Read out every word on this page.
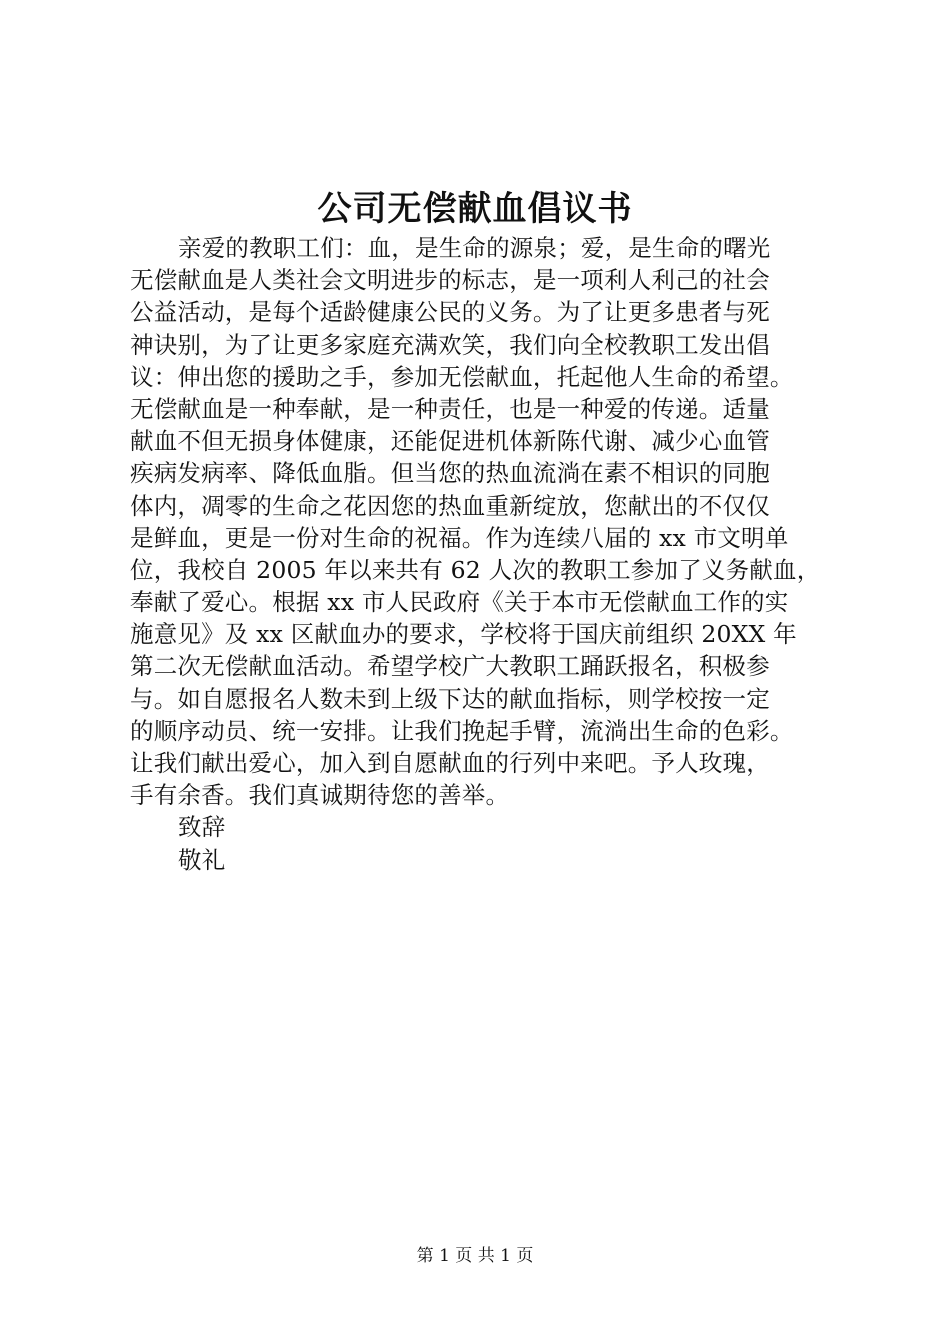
公司无偿献血倡议书
亲爱的教职工们：血，是生命的源泉；爱，是生命的曙光
无偿献血是人类社会文明进步的标志，是一项利人利己的社会
公益活动，是每个适龄健康公民的义务。为了让更多患者与死
神诀别，为了让更多家庭充满欢笑，我们向全校教职工发出倡
议：伸出您的援助之手，参加无偿献血，托起他人生命的希望。
无偿献血是一种奉献，是一种责任，也是一种爱的传递。适量
献血不但无损身体健康，还能促进机体新陈代谢、减少心血管
疾病发病率、降低血脂。但当您的热血流淌在素不相识的同胞
体内，凋零的生命之花因您的热血重新绽放，您献出的不仅仅
是鲜血，更是一份对生命的祝福。作为连续八届的 xx 市文明单
位，我校自 2005 年以来共有 62 人次的教职工参加了义务献血，
奉献了爱心。根据 xx 市人民政府《关于本市无偿献血工作的实
施意见》及 xx 区献血办的要求，学校将于国庆前组织 20XX 年
第二次无偿献血活动。希望学校广大教职工踊跃报名，积极参
与。如自愿报名人数未到上级下达的献血指标，则学校按一定
的顺序动员、统一安排。让我们挽起手臂，流淌出生命的色彩。
让我们献出爱心，加入到自愿献血的行列中来吧。予人玫瑰，
手有余香。我们真诚期待您的善举。
致辞
敬礼
第 1 页 共 1 页
